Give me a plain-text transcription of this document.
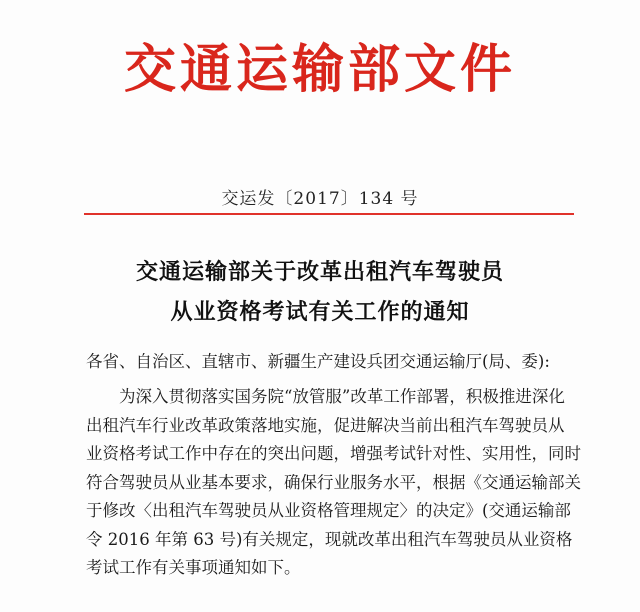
交通运输部文件
交运发〔2017〕134 号
交通运输部关于改革出租汽车驾驶员
从业资格考试有关工作的通知
各省、自治区、直辖市、新疆生产建设兵团交通运输厅(局、委):
为深入贯彻落实国务院“放管服”改革工作部署，积极推进深化
出租汽车行业改革政策落地实施，促进解决当前出租汽车驾驶员从
业资格考试工作中存在的突出问题，增强考试针对性、实用性，同时
符合驾驶员从业基本要求，确保行业服务水平，根据《交通运输部关
于修改〈出租汽车驾驶员从业资格管理规定〉的决定》(交通运输部
令 2016 年第 63 号)有关规定，现就改革出租汽车驾驶员从业资格
考试工作有关事项通知如下。
